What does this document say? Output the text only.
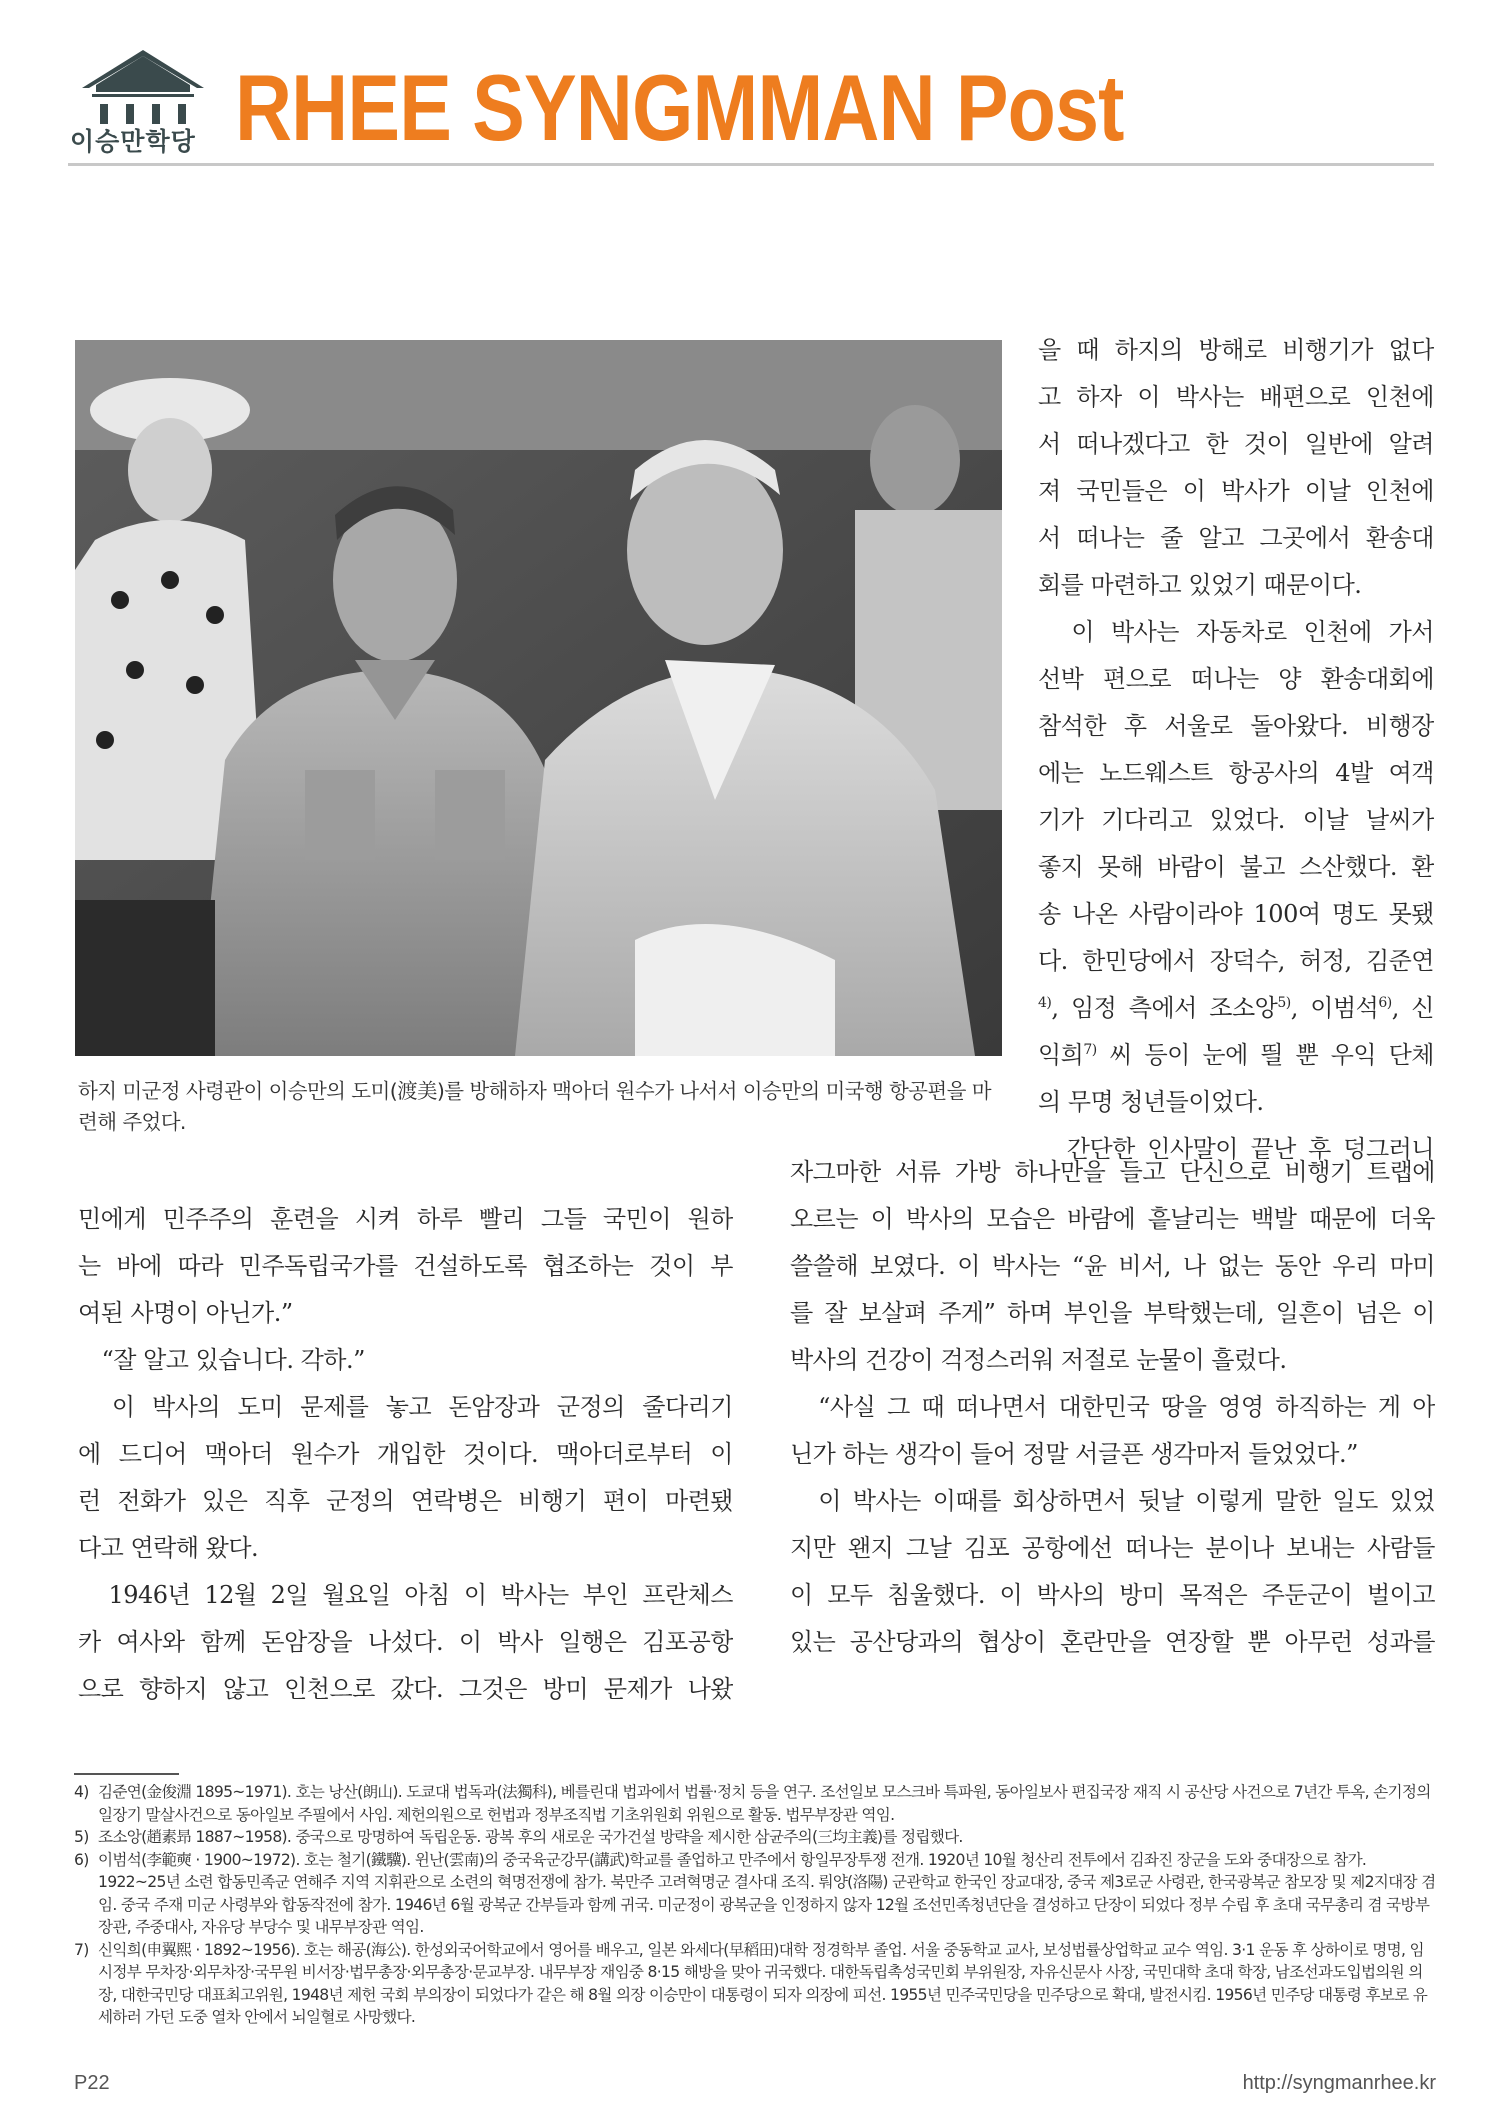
이승만학당 RHEE SYNGMMAN Post
하지 미군정 사령관이 이승만의 도미(渡美)를 방해하자 맥아더 원수가 나서서 이승만의 미국행 항공편을 마련해 주었다.
을 때 하지의 방해로 비행기가 없다
고 하자 이 박사는 배편으로 인천에
서 떠나겠다고 한 것이 일반에 알려
져 국민들은 이 박사가 이날 인천에
서 떠나는 줄 알고 그곳에서 환송대
회를 마련하고 있었기 때문이다.
　이 박사는 자동차로 인천에 가서
선박 편으로 떠나는 양 환송대회에
참석한 후 서울로 돌아왔다. 비행장
에는 노드웨스트 항공사의 4발 여객
기가 기다리고 있었다. 이날 날씨가
좋지 못해 바람이 불고 스산했다. 환
송 나온 사람이라야 100여 명도 못됐
다. 한민당에서 장덕수, 허정, 김준연
$^{4)}$, 임정 측에서 조소앙$^{5)}$, 이범석$^{6)}$, 신
익희$^{7)}$ 씨 등이 눈에 띌 뿐 우익 단체
의 무명 청년들이었다.
　간단한 인사말이 끝난 후 덩그러니
민에게 민주주의 훈련을 시켜 하루 빨리 그들 국민이 원하
는 바에 따라 민주독립국가를 건설하도록 협조하는 것이 부
여된 사명이 아닌가.”
　“잘 알고 있습니다. 각하.”
　이 박사의 도미 문제를 놓고 돈암장과 군정의 줄다리기
에 드디어 맥아더 원수가 개입한 것이다. 맥아더로부터 이
런 전화가 있은 직후 군정의 연락병은 비행기 편이 마련됐
다고 연락해 왔다.
　1946년 12월 2일 월요일 아침 이 박사는 부인 프란체스
카 여사와 함께 돈암장을 나섰다. 이 박사 일행은 김포공항
으로 향하지 않고 인천으로 갔다. 그것은 방미 문제가 나왔
자그마한 서류 가방 하나만을 들고 단신으로 비행기 트랩에
오르는 이 박사의 모습은 바람에 흩날리는 백발 때문에 더욱
쓸쓸해 보였다. 이 박사는 “윤 비서, 나 없는 동안 우리 마미
를 잘 보살펴 주게” 하며 부인을 부탁했는데, 일흔이 넘은 이
박사의 건강이 걱정스러워 저절로 눈물이 흘렀다.
　“사실 그 때 떠나면서 대한민국 땅을 영영 하직하는 게 아
닌가 하는 생각이 들어 정말 서글픈 생각마저 들었었다.”
　이 박사는 이때를 회상하면서 뒷날 이렇게 말한 일도 있었
지만 왠지 그날 김포 공항에선 떠나는 분이나 보내는 사람들
이 모두 침울했다. 이 박사의 방미 목적은 주둔군이 벌이고
있는 공산당과의 협상이 혼란만을 연장할 뿐 아무런 성과를
4) 김준연(金俊淵 1895~1971). 호는 낭산(朗山). 도쿄대 법독과(法獨科), 베를린대 법과에서 법률·정치 등을 연구. 조선일보 모스크바 특파원, 동아일보사 편집국장 재직 시 공산당 사건으로 7년간 투옥, 손기정의 일장기 말살사건으로 동아일보 주필에서 사임. 제헌의원으로 헌법과 정부조직법 기초위원회 위원으로 활동. 법무부장관 역임.
5) 조소앙(趙素昻 1887~1958). 중국으로 망명하여 독립운동. 광복 후의 새로운 국가건설 방략을 제시한 삼균주의(三均主義)를 정립했다.
6) 이범석(李範奭 · 1900~1972). 호는 철기(鐵驥). 윈난(雲南)의 중국육군강무(講武)학교를 졸업하고 만주에서 항일무장투쟁 전개. 1920년 10월 청산리 전투에서 김좌진 장군을 도와 중대장으로 참가. 1922~25년 소련 합동민족군 연해주 지역 지휘관으로 소련의 혁명전쟁에 참가. 북만주 고려혁명군 결사대 조직. 뤄양(洛陽) 군관학교 한국인 장교대장, 중국 제3로군 사령관, 한국광복군 참모장 및 제2지대장 겸임. 중국 주재 미군 사령부와 합동작전에 참가. 1946년 6월 광복군 간부들과 함께 귀국. 미군정이 광복군을 인정하지 않자 12월 조선민족청년단을 결성하고 단장이 되었다 정부 수립 후 초대 국무총리 겸 국방부장관, 주중대사, 자유당 부당수 및 내무부장관 역임.
7) 신익희(申翼熙 · 1892~1956). 호는 해공(海公). 한성외국어학교에서 영어를 배우고, 일본 와세다(早稻田)대학 정경학부 졸업. 서울 중동학교 교사, 보성법률상업학교 교수 역임. 3·1 운동 후 상하이로 명명, 임시정부 무차장·외무차장·국무원 비서장·법무총장·외무총장·문교부장. 내무부장 재임중 8·15 해방을 맞아 귀국했다. 대한독립촉성국민회 부위원장, 자유신문사 사장, 국민대학 초대 학장, 남조선과도입법의원 의장, 대한국민당 대표최고위원, 1948년 제헌 국회 부의장이 되었다가 같은 해 8월 의장 이승만이 대통령이 되자 의장에 피선. 1955년 민주국민당을 민주당으로 확대, 발전시킴. 1956년 민주당 대통령 후보로 유세하러 가던 도중 열차 안에서 뇌일혈로 사망했다.
P22	http://syngmanrhee.kr
